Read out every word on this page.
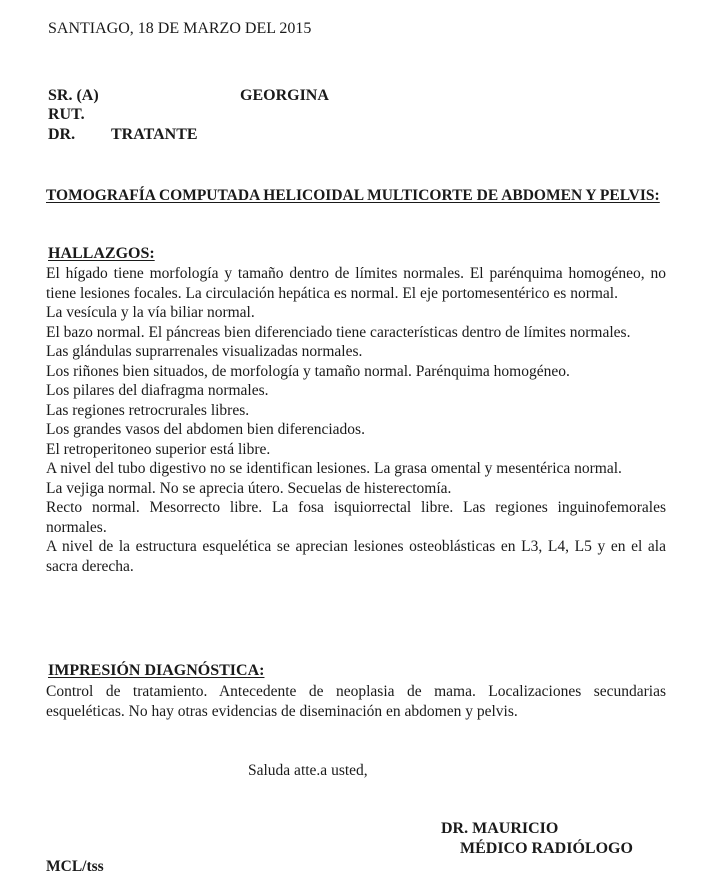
SANTIAGO, 18 DE MARZO DEL 2015
SR. (A)	GEORGINA
RUT.
DR. TRATANTE

TOMOGRAFÍA COMPUTADA HELICOIDAL MULTICORTE DE ABDOMEN Y PELVIS:

HALLAZGOS:

El hígado tiene morfología y tamaño dentro de límites normales. El parénquima homogéneo, no tiene lesiones focales. La circulación hepática es normal. El eje portomesentérico es normal.

La vesícula y la vía biliar normal.

El bazo normal. El páncreas bien diferenciado tiene características dentro de límites normales.

Las glándulas suprarrenales visualizadas normales.

Los riñones bien situados, de morfología y tamaño normal. Parénquima homogéneo.

Los pilares del diafragma normales.

Las regiones retrocrurales libres.

Los grandes vasos del abdomen bien diferenciados.

El retroperitoneo superior está libre.

A nivel del tubo digestivo no se identifican lesiones. La grasa omental y mesentérica normal.

La vejiga normal. No se aprecia útero. Secuelas de histerectomía.

Recto normal. Mesorrecto libre. La fosa isquiorrectal libre. Las regiones inguinofemorales normales.

A nivel de la estructura esquelética se aprecian lesiones osteoblásticas en L3, L4, L5 y en el ala sacra derecha.

IMPRESIÓN DIAGNÓSTICA:

Control de tratamiento. Antecedente de neoplasia de mama. Localizaciones secundarias esqueléticas. No hay otras evidencias de diseminación en abdomen y pelvis.

Saluda atte.a usted,
DR. MAURICIO
MÉDICO RADIÓLOGO
MCL/tss
